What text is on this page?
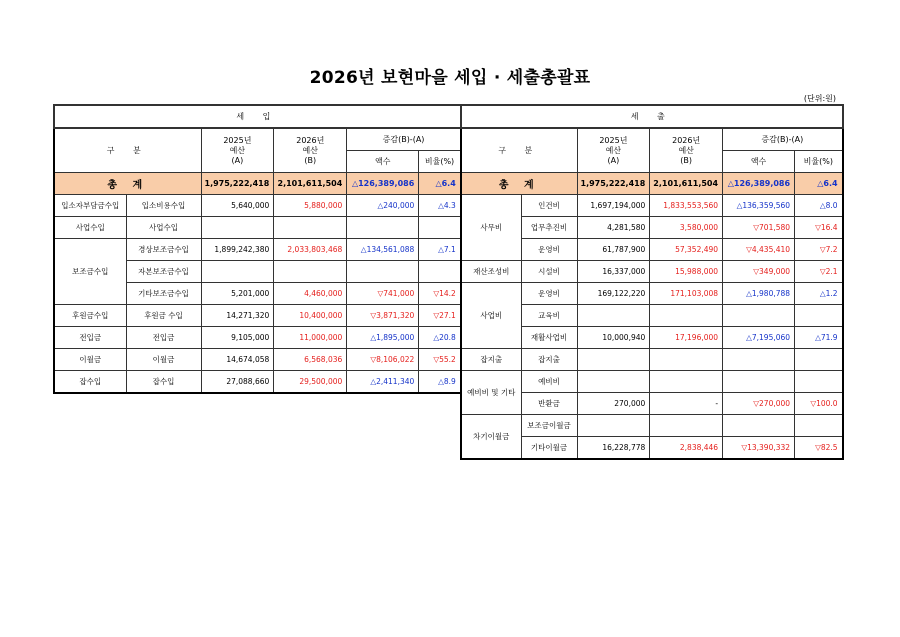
2026년 보현마을 세입 · 세출총괄표
(단위:원)
세 입					
구 분		2025년
예산
(A)	2026년
예산
(B)	증감(B)-(A)	
				액수	비율(%)
총 계		1,975,222,418	2,101,611,504	△126,389,086	△6.4
입소자부담금수입	입소비용수입	5,640,000	5,880,000	△240,000	△4.3
사업수입	사업수입				
보조금수입	경상보조금수입	1,899,242,380	2,033,803,468	△134,561,088	△7.1
	자본보조금수입				
	기타보조금수입	5,201,000	4,460,000	▽741,000	▽14.2
후원금수입	후원금 수입	14,271,320	10,400,000	▽3,871,320	▽27.1
전입금	전입금	9,105,000	11,000,000	△1,895,000	△20.8
이월금	이월금	14,674,058	6,568,036	▽8,106,022	▽55.2
잡수입	잡수입	27,088,660	29,500,000	△2,411,340	△8.9
세 출					
구 분		2025년
예산
(A)	2026년
예산
(B)	증감(B)-(A)	
				액수	비율(%)
총 계		1,975,222,418	2,101,611,504	△126,389,086	△6.4
사무비	인건비	1,697,194,000	1,833,553,560	△136,359,560	△8.0
	업무추진비	4,281,580	3,580,000	▽701,580	▽16.4
	운영비	61,787,900	57,352,490	▽4,435,410	▽7.2
재산조성비	시설비	16,337,000	15,988,000	▽349,000	▽2.1
사업비	운영비	169,122,220	171,103,008	△1,980,788	△1.2
	교육비				
	재활사업비	10,000,940	17,196,000	△7,195,060	△71.9
잡지출	잡지출				
예비비 및 기타	예비비				
	반환금	270,000	-	▽270,000	▽100.0
차기이월금	보조금이월금				
	기타이월금	16,228,778	2,838,446	▽13,390,332	▽82.5
